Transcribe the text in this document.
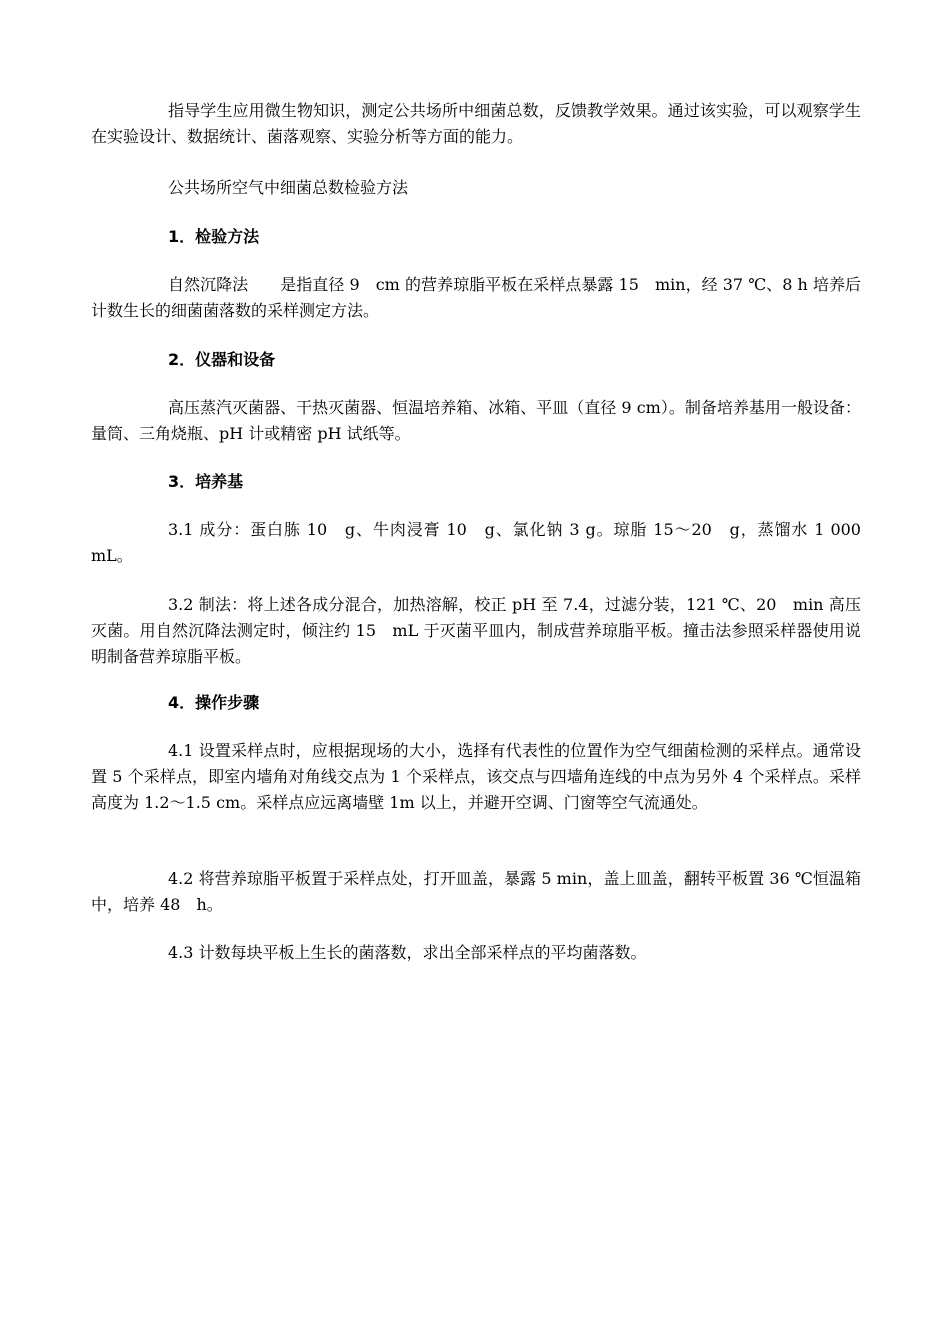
指导学生应用微生物知识，测定公共场所中细菌总数，反馈教学效果。通过该实验，可以观察学生在实验设计、数据统计、菌落观察、实验分析等方面的能力。

公共场所空气中细菌总数检验方法

1．检验方法

自然沉降法　　是指直径 9　cm 的营养琼脂平板在采样点暴露 15　min，经 37 ℃、8 h 培养后计数生长的细菌菌落数的采样测定方法。

2．仪器和设备

高压蒸汽灭菌器、干热灭菌器、恒温培养箱、冰箱、平皿（直径 9 cm）。制备培养基用一般设备：量筒、三角烧瓶、pH 计或精密 pH 试纸等。

3．培养基

3.1 成分：蛋白胨 10　g、牛肉浸膏 10　g、氯化钠 3 g。琼脂 15～20　g，蒸馏水 1 000 mL。

3.2 制法：将上述各成分混合，加热溶解，校正 pH 至 7.4，过滤分装，121 ℃、20　min 高压灭菌。用自然沉降法测定时，倾注约 15　mL 于灭菌平皿内，制成营养琼脂平板。撞击法参照采样器使用说明制备营养琼脂平板。

4．操作步骤

4.1 设置采样点时，应根据现场的大小，选择有代表性的位置作为空气细菌检测的采样点。通常设置 5 个采样点，即室内墙角对角线交点为 1 个采样点，该交点与四墙角连线的中点为另外 4 个采样点。采样高度为 1.2～1.5 cm。采样点应远离墙壁 1m 以上，并避开空调、门窗等空气流通处。

4.2 将营养琼脂平板置于采样点处，打开皿盖，暴露 5 min，盖上皿盖，翻转平板置 36 ℃恒温箱中，培养 48　h。

4.3 计数每块平板上生长的菌落数，求出全部采样点的平均菌落数。
